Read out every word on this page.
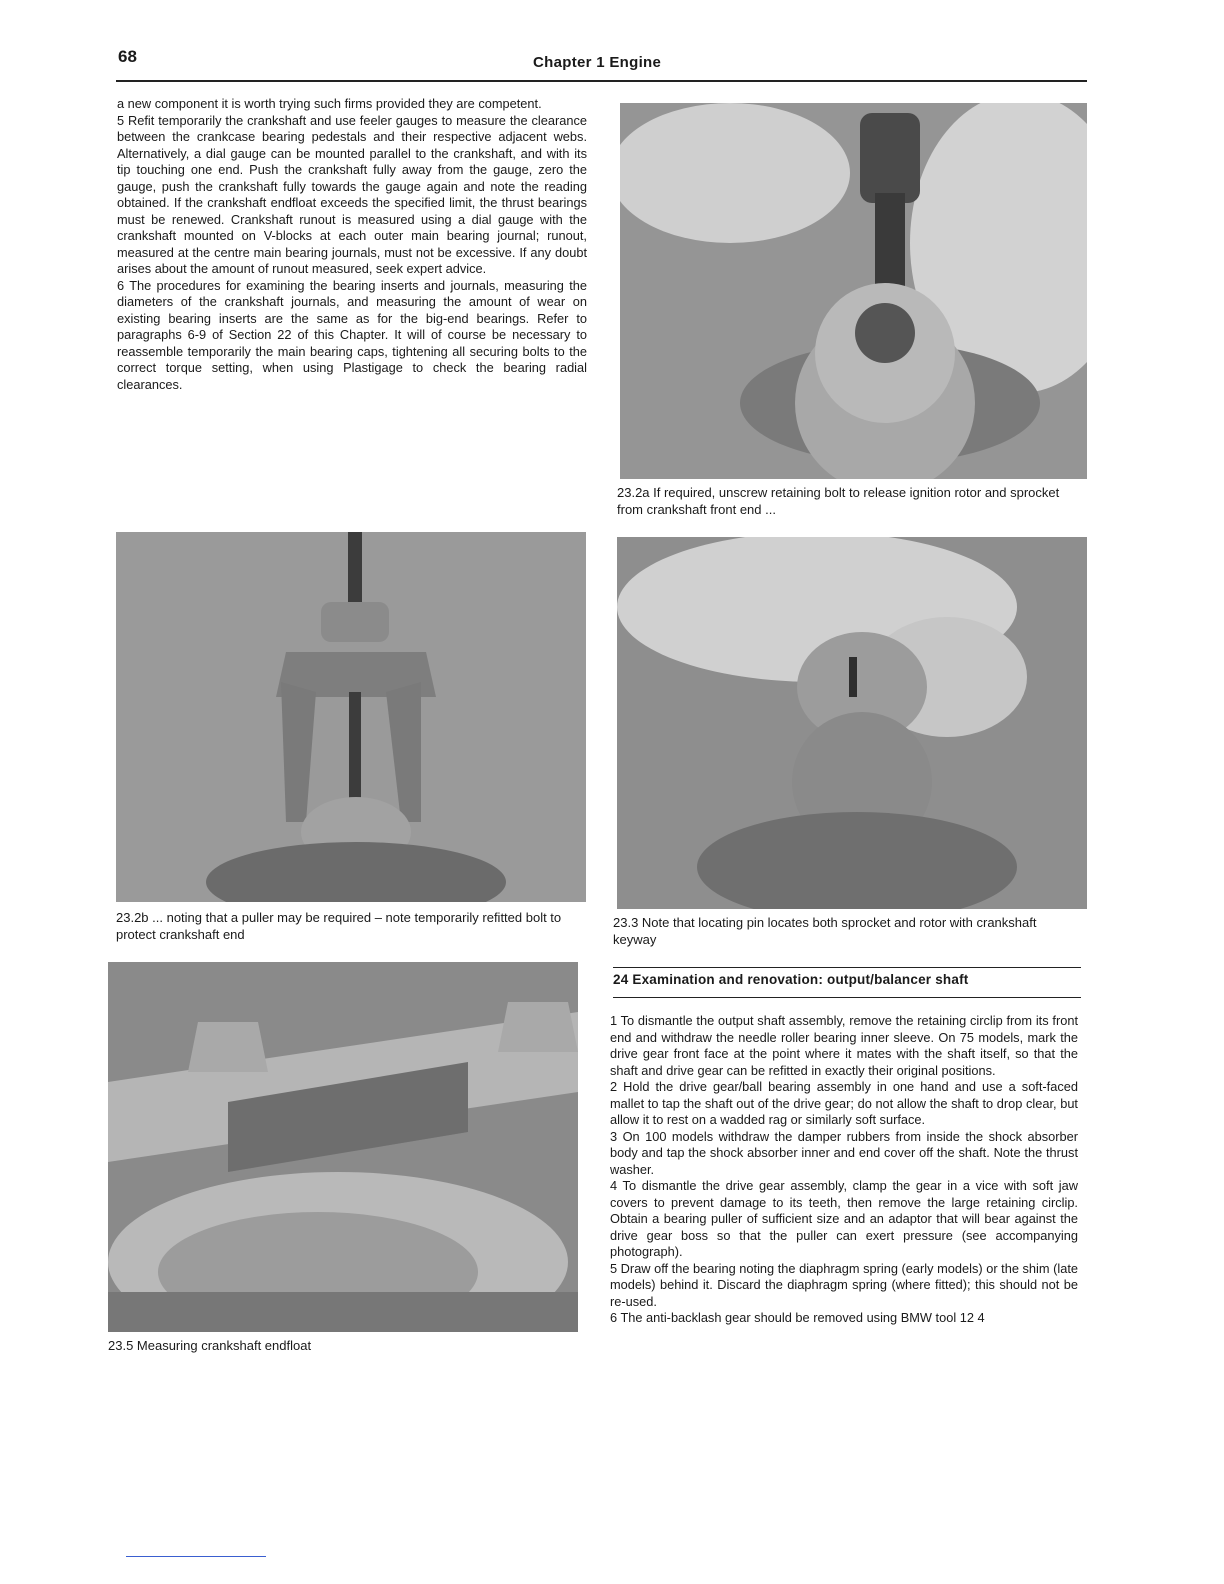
68	Chapter 1 Engine

a new component it is worth trying such firms provided they are competent.

5 Refit temporarily the crankshaft and use feeler gauges to measure the clearance between the crankcase bearing pedestals and their respective adjacent webs. Alternatively, a dial gauge can be mounted parallel to the crankshaft, and with its tip touching one end. Push the crankshaft fully away from the gauge, zero the gauge, push the crankshaft fully towards the gauge again and note the reading obtained. If the crankshaft endfloat exceeds the specified limit, the thrust bearings must be renewed. Crankshaft runout is measured using a dial gauge with the crankshaft mounted on V-blocks at each outer main bearing journal; runout, measured at the centre main bearing journals, must not be excessive. If any doubt arises about the amount of runout measured, seek expert advice.

6 The procedures for examining the bearing inserts and journals, measuring the diameters of the crankshaft journals, and measuring the amount of wear on existing bearing inserts are the same as for the big-end bearings. Refer to paragraphs 6-9 of Section 22 of this Chapter. It will of course be necessary to reassemble temporarily the main bearing caps, tightening all securing bolts to the correct torque setting, when using Plastigage to check the bearing radial clearances.

23.2a If required, unscrew retaining bolt to release ignition rotor and sprocket from crankshaft front end ...
23.2b ... noting that a puller may be required – note temporarily refitted bolt to protect crankshaft end
23.3 Note that locating pin locates both sprocket and rotor with crankshaft keyway
23.5 Measuring crankshaft endfloat
24 Examination and renovation: output/balancer shaft

1 To dismantle the output shaft assembly, remove the retaining circlip from its front end and withdraw the needle roller bearing inner sleeve. On 75 models, mark the drive gear front face at the point where it mates with the shaft itself, so that the shaft and drive gear can be refitted in exactly their original positions.

2 Hold the drive gear/ball bearing assembly in one hand and use a soft-faced mallet to tap the shaft out of the drive gear; do not allow the shaft to drop clear, but allow it to rest on a wadded rag or similarly soft surface.

3 On 100 models withdraw the damper rubbers from inside the shock absorber body and tap the shock absorber inner and end cover off the shaft. Note the thrust washer.

4 To dismantle the drive gear assembly, clamp the gear in a vice with soft jaw covers to prevent damage to its teeth, then remove the large retaining circlip. Obtain a bearing puller of sufficient size and an adaptor that will bear against the drive gear boss so that the puller can exert pressure (see accompanying photograph).

5 Draw off the bearing noting the diaphragm spring (early models) or the shim (late models) behind it. Discard the diaphragm spring (where fitted); this should not be re-used.

6 The anti-backlash gear should be removed using BMW tool 12 4
